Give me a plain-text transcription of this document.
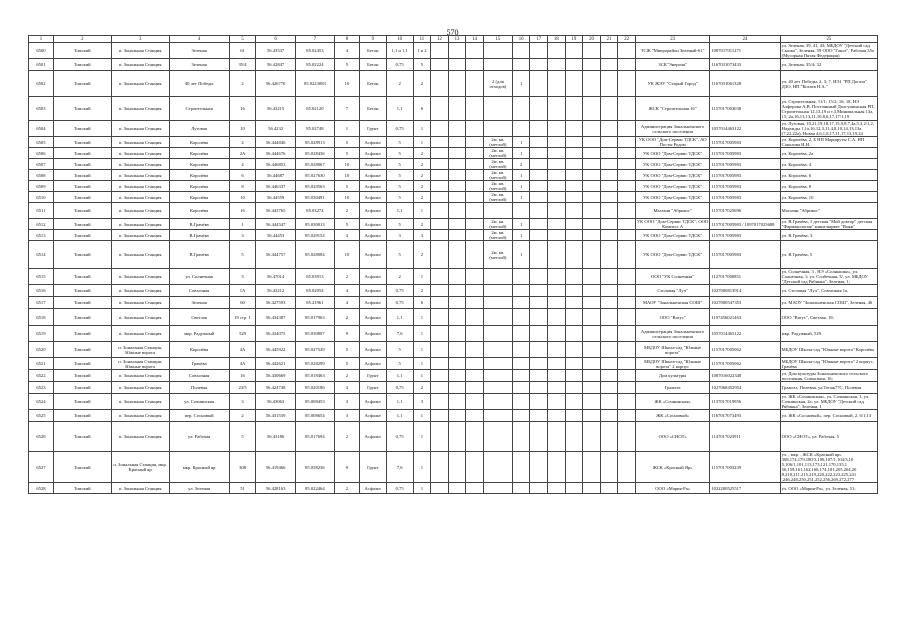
570
1	2	3	4	5	6	7	8	9	10	11	12	13	14	15	16	17	18	19	20	21	22	23	24	25
6500	Томский	п. Зональная Станция	Зеленая	61	56.43537	85.02453	4	Бетон	1,1 и 1,1	1 и 2												ТСЖ "Микрорайон Зеленый-61"	1087017011271	ул. Зеленая, 39, 41, 43; МБДОУ "Детский сад Сказка", Зеленая, 59 ООО "Ганга", Рабочая 35а (Мусорная Пятая Федерация)
6501	Томский	п. Зональная Станция	Зеленая	35/4	56.42847	85.02224	5	Бетон	0,75	5												ЗСК"Энергия"	1167031073433	ул. Зеленая, 35/4; 32
6502	Томский	п. Зональная Станция	40 лет Победы	2	56.426776	85.0223083	10	Бетон	2	2				2 (для отходов)	1							УК ЖЭУ "Старый Город"	1167031061328	ул. 40 лет Победы, 2, 3; 7, НЭ1 "РП Догаза" ДЗО, НП "Когаев Н.А."
6503	Томский	п. Зональная Станция	Строительная	16	56.43215	85.02120	7	Бетон	1,1	6												ЖСК "Строительная 16"	1157017003038	ул. Строительная, 11/1; 15/2; 16; 18, НЭ Алферова А.В. Постоянный Долгушинская РП, Строительная 12,13,19 и т.3,Минимальная 13а, 15, 2а,16,13,13,11,10,8,6,17,17/1,19
6504	Томский	п. Зональная Станция	Луговая	10	56.4232	85.02748	1	Грунт	0,75	1												Администрация Зональненского сельского поселения	1057014463122	ул. Луговая, 10,21,19,18,17,15,9,8,7,4а,5,3,2/1,2, Надежды 1,1а,16,12,3,11,4,8,10,14,13,13а (7,22,22а), Новая 4,6,1,8,17,11,17,13,19,24
6505	Томский	п. Зональная Станция	Королёва	2	56.444846	85.028913	5	Асфальт	5	1				2м. кв. (метлой)	1							УК ООО "Дом-Сервис ТДСК", АО Посты Родом	1157017005983	ул. Королёва, 2, Б НП Маршруты С.А. НП Соколова И.Н.
6506	Томский	п. Зональная Станция	Королёва	2А	56.444676	85.028436	5	Асфальт	5	2				2м. кв. (метлой)	1							УК ООО "Дом-Сервис ТДСК"	1157017005983	ул. Королёва, 2а
6507	Томский	п. Зональная Станция	Королёва	4	56.446853	85.028067	10	Асфальт	5	2				2м. кв. (метлой)	2							УК ООО "Дом-Сервис ТДСК"	1157017005983	ул. Королёва, 4
6508	Томский	п. Зональная Станция	Королёва	6	56.44687	85.027630	10	Асфальт	5	2				2м. кв. (метлой)	1							УК ООО "Дом-Сервис ТДСК"	1157017005983	ул. Королёва, 6
6509	Томский	п. Зональная Станция	Королёва	8	56.446337	85.029563	5	Асфальт	5	2				2м. кв. (метлой)	1							УК ООО "Дом-Сервис ТДСК"	1157017005983	ул. Королёва, 8
6510	Томский	п. Зональная Станция	Королёва	10	56.44559	85.030491	10	Асфальт	5	2				2м. кв. (метлой)	1							УК ООО "Дом-Сервис ТДСК"	1157017005983	ул. Королёва, 10
6511	Томский	п. Зональная Станция	Королёва	16	56.443765	85.03274	2	Асфальт	1,1	1												Магазин "Абрикос"	1157017025696	Магазин "Абрикос"
6512	Томский	п. Зональная Станция	В.Грачёва	1	56.444547	85.030013	5	Асфальт	5	2				2м. кв. (метлой)	1							УК ООО "Дом-Сервис ТДСК", ООО Компасс А	1157017005983 / 1097017025688	ул. В.Грачёва, 1 детская "Мой доктор" детская "Фармакология" мини-маркет "Вояж"
6513	Томский	п. Зональная Станция	В.Грачёва	3	56.44453	85.029154	3	Асфальт	3	3				2м. кв. (метлой)	1							УК ООО "Дом-Сервис ТДСК"	1157017005983	ул. В.Грачёва, 3
6514	Томский	п. Зональная Станция	В.Грачёва	5	56.444757	85.028084	10	Асфальт	5	2				2м. кв. (метлой)	1							УК ООО "Дом-Сервис ТДСК"	1157017005983	ул. В.Грачёва, 5
6515	Томский	п. Зональная Станция	ул. Солнечная	3	56.47014	85.03913	2	Асфальт	2	1												ООО "УК Солнечная"	1127017000851	ул. Солнечная, 3 , НЭ «Солнышко», ул. Солнечная, 1; ул. Солбечная, 3/, ул. МБДОУ "Детский сад Рябинка", Зеленая, 1;
6516	Томский	п. Зональная Станция	Совхозная	1А	56.43212	85.02054	4	Асфальт	0,75	2												Столовая "Луч"	1027000813914	ул. Столовая "Луч", Совхозная 1а,
6517	Томский	п. Зональная Станция	Зеленая	60	56.427593	85.21961	4	Асфальт	0,75	6												МАОУ "Зональненская СОШ"	1027000547353	ул. МАОУ "Зональненская СОШ", Зеленая, 46
6518	Томский	п. Зональная Станция	Светлая	19 стр. 1	56.434387	85.017963	2	Асфальт	1,1	1												ООО "Ватус"	1197456021463	ООО "Ватус", Светлая, 19;
6519	Томский	п. Зональная Станция	мкр. Радужный	529	56.434075	85.030807	9	Асфальт	7,6	1												Администрация Зональненского сельского поселения	1057014463122	мкр. Радужный, 529.
6520	Томский	п. Зональная Станция, Южные ворота	Королёва	4А	56.445922	85.027549	5	Асфальт	5	1												МБДОУ Школа-сад "Южные ворота"	1157017005062	МБДОУ Школа-сад "Южные ворота" Королёва
6521	Томский	п. Зональная Станция, Южные ворота	Грачёва	4А	56.442621	85.028299	5	Асфальт	5	1												МБДОУ Школа-сад "Южные ворота" 2 корпус	1157017005062	МБДОУ Школа-сад "Южные ворота" 2 корпус, Грачёва
6522	Томский	п. Зональная Станция	Совхозная	16	56.430669	85.018463	2	Грунт	1,1	1												Дом культуры	1087016022348	ул. Дом культуры Зональненского сельского поселения, Совхозная, 16;
6523	Томский	п. Зональная Станция	Полевая	23/5	56.424748	85.020186	3	Грунт	0,75	2												Гражгаз	1027068452954	Гражгаз, Полевая, ул.Тепак77С, Полевая
6524	Томский	п. Зональная Станция	ул. Сочнинская	3	56.43063	85.008453	3	Асфальт	1,1	3												ЖК «Сочнинская»	1137017019956	ул. ЖК «Сочнинская», ул. Сочнинская, 1, ул. Сочнинская, 2а; ул. МБДОУ "Детский сад Рябинка", Зеленая, 1
6525	Томский	п. Зональная Станция	пер. Сосновый	2	56.431539	85.008654	3	Асфальт	1,1	1												ЖК «Сосновый»	1167017073493	ул. ЖК «Сосновый», пер. Сосновый, 2, 6/1,13
6526	Томский	п. Зональная Станция	ул. Рабочая	5	56.43186	85.017694	2	Асфальт	0,75	1												ООО «СНОТ»	1147017023911	ООО «СНОТ», ул. Рабочая, 5
6527	Томский	п. Зональная Станция, мкр. Красный яр	мкр. Красный яр	308	56.419466	85.058236	9	Грунт	7,6	1												ЖСК «Красный Яр»	1157017003239	ул. , мкр. , ЖСК «Красный яр» 308,174,179,180/3,100,107/1,104/3,10 5,106/1,101,113,173,121,170,135,1 56,159,161,162,166,174,181,205,204,20 8,210,211,215,219,220,222,223,225,241 ,246,248,250,251,252,256,269,272,277
6528	Томский	п. Зональная Станция	ул. Зеленая	51	56.428163	85.022464	2	Асфальт	0,75	1												ООО «Мария-Ра»	1022200525517	ул. ООО «Мария-Ра», ул. Зеленая, 51;
